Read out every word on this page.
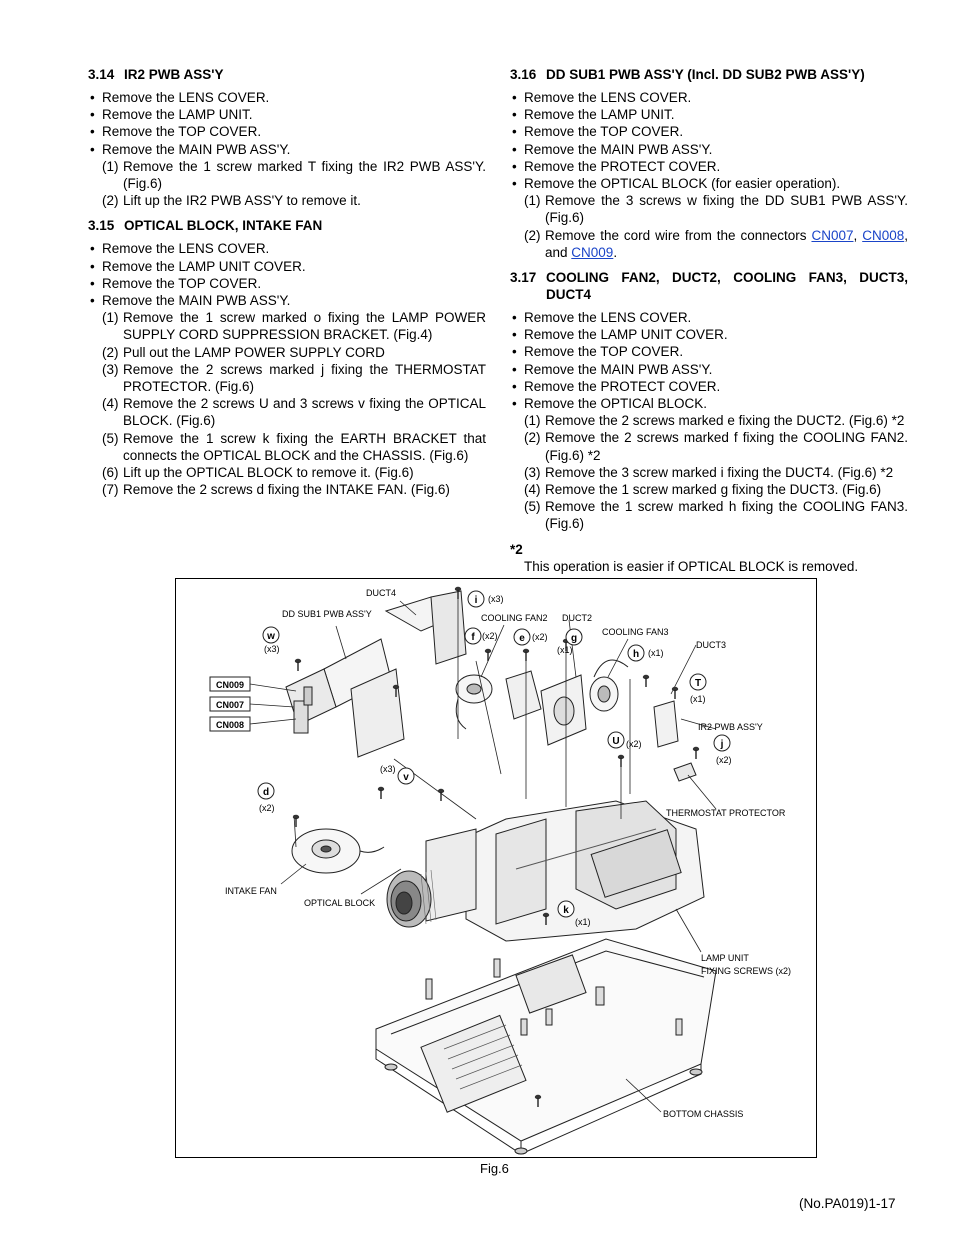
3.14 IR2 PWB ASS'Y
• Remove the LENS COVER.
• Remove the LAMP UNIT.
• Remove the TOP COVER.
• Remove the MAIN PWB ASS'Y.
(1) Remove the 1 screw marked T fixing the IR2 PWB ASS'Y. (Fig.6)
(2) Lift up the IR2 PWB ASS'Y to remove it.
3.15 OPTICAL BLOCK, INTAKE FAN
• Remove the LENS COVER.
• Remove the LAMP UNIT COVER.
• Remove the TOP COVER.
• Remove the MAIN PWB ASS'Y.
(1) Remove the 1 screw marked o fixing the LAMP POWER SUPPLY CORD SUPPRESSION BRACKET. (Fig.4)
(2) Pull out the LAMP POWER SUPPLY CORD
(3) Remove the 2 screws marked j fixing the THERMOSTAT PROTECTOR. (Fig.6)
(4) Remove the 2 screws U and 3 screws v fixing the OPTICAL BLOCK. (Fig.6)
(5) Remove the 1 screw k fixing the EARTH BRACKET that connects the OPTICAL BLOCK and the CHASSIS. (Fig.6)
(6) Lift up the OPTICAL BLOCK to remove it. (Fig.6)
(7) Remove the 2 screws d fixing the INTAKE FAN. (Fig.6)
3.16 DD SUB1 PWB ASS'Y (Incl. DD SUB2 PWB ASS'Y)
• Remove the LENS COVER.
• Remove the LAMP UNIT.
• Remove the TOP COVER.
• Remove the MAIN PWB ASS'Y.
• Remove the PROTECT COVER.
• Remove the OPTICAL BLOCK (for easier operation).
(1) Remove the 3 screws w fixing the DD SUB1 PWB ASS'Y. (Fig.6)
(2) Remove the cord wire from the connectors CN007, CN008, and CN009.
3.17 COOLING FAN2, DUCT2, COOLING FAN3, DUCT3, DUCT4
• Remove the LENS COVER.
• Remove the LAMP UNIT COVER.
• Remove the TOP COVER.
• Remove the MAIN PWB ASS'Y.
• Remove the PROTECT COVER.
• Remove the OPTICAl BLOCK.
(1) Remove the 2 screws marked e fixing the DUCT2. (Fig.6) *2
(2) Remove the 2 screws marked f fixing the COOLING FAN2. (Fig.6) *2
(3) Remove the 3 screw marked i fixing the DUCT4. (Fig.6) *2
(4) Remove the 1 screw marked g fixing the DUCT3. (Fig.6)
(5) Remove the 1 screw marked h fixing the COOLING FAN3. (Fig.6)
*2
This operation is easier if OPTICAL BLOCK is removed.
i (x3)
f (x2) e (x2) g
(x1)	h (x1)
w
(x3)
T
(x1)
U (x2)	j
(x2)
v
(x3)
d
(x2)
k
(x1)
CN009
CN007
CN008
DUCT4
DD SUB1 PWB ASS'Y	COOLING FAN2 DUCT2
COOLING FAN3
DUCT3
IR2 PWB ASS'Y
THERMOSTAT PROTECTOR
INTAKE FAN
OPTICAL BLOCK
LAMP UNIT
FIXING SCREWS (x2)
BOTTOM CHASSIS
Fig.6
(No.PA019)1-17
